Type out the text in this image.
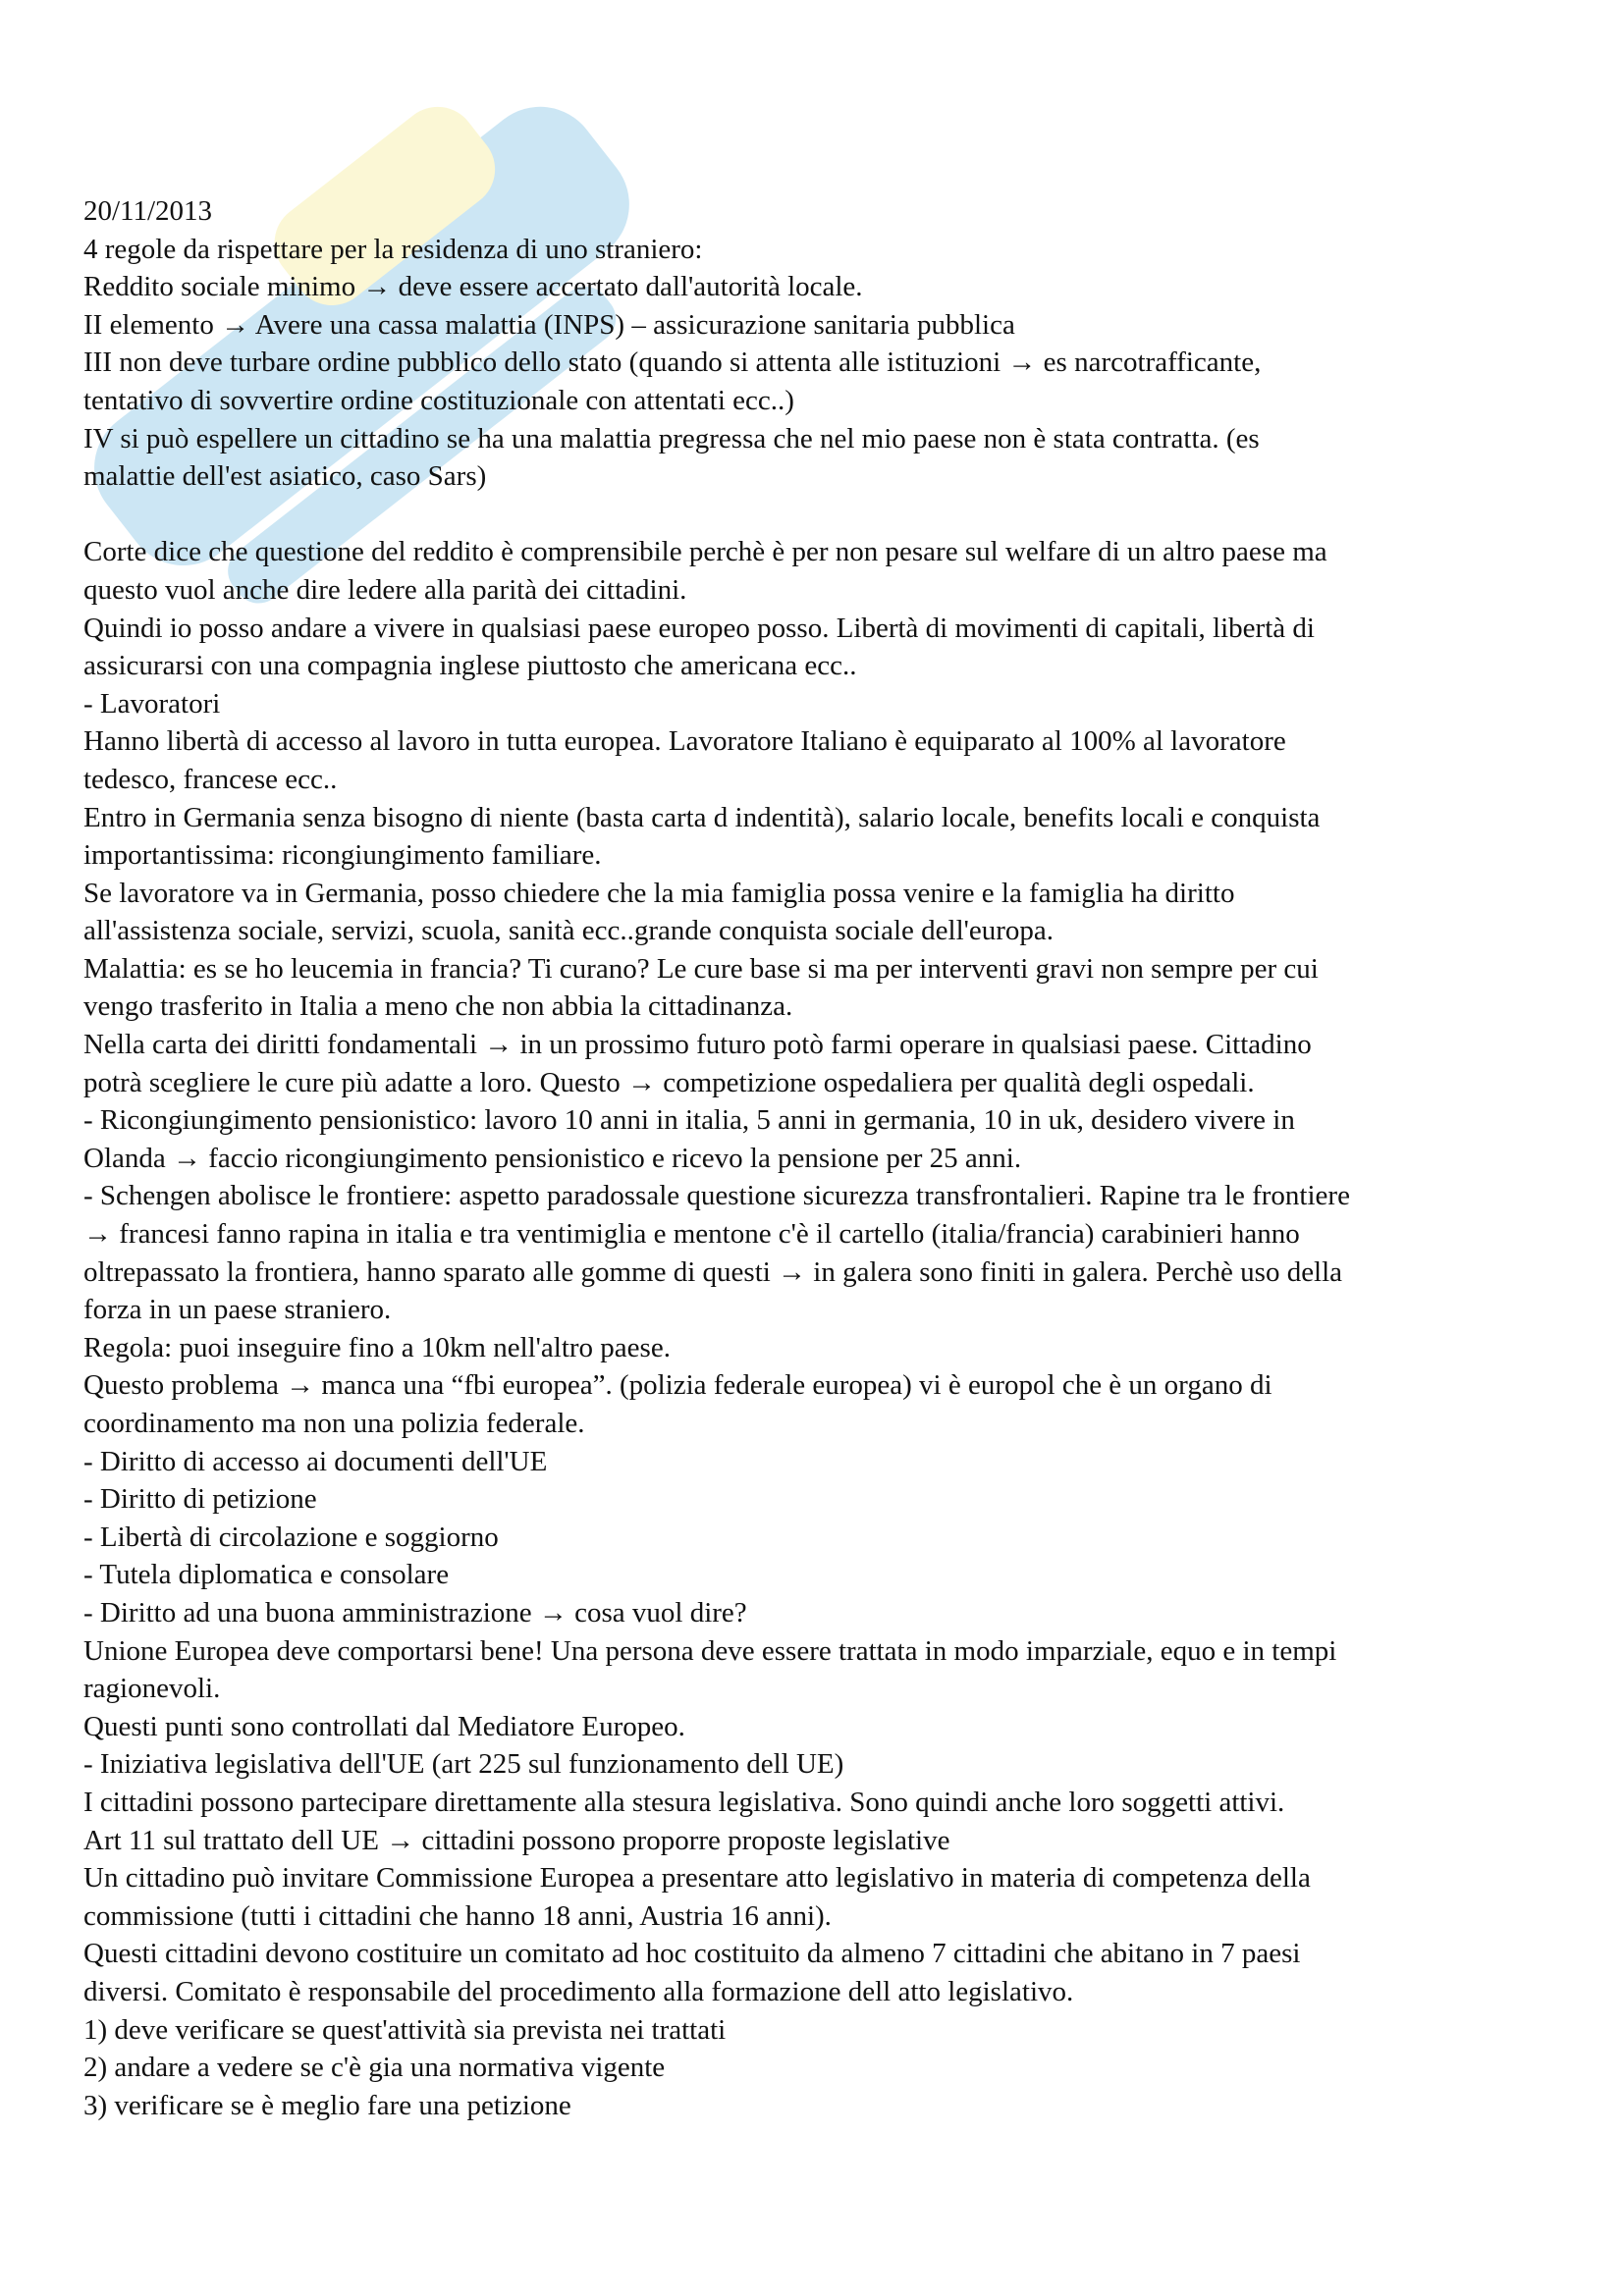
20/11/2013
4 regole da rispettare per la residenza di uno straniero:
Reddito sociale minimo → deve essere accertato dall'autorità locale.
II elemento → Avere una cassa malattia (INPS) – assicurazione sanitaria pubblica
III non deve turbare ordine pubblico dello stato (quando si attenta alle istituzioni → es narcotrafficante,
tentativo di sovvertire ordine costituzionale con attentati ecc..)
IV si può espellere un cittadino se ha una malattia pregressa che nel mio paese non è stata contratta. (es
malattie dell'est asiatico, caso Sars)
Corte dice che questione del reddito è comprensibile perchè è per non pesare sul welfare di un altro paese ma
questo vuol anche dire ledere alla parità dei cittadini.
Quindi io posso andare a vivere in qualsiasi paese europeo posso. Libertà di movimenti di capitali, libertà di
assicurarsi con una compagnia inglese piuttosto che americana ecc..
- Lavoratori
Hanno libertà di accesso al lavoro in tutta europea. Lavoratore Italiano è equiparato al 100% al lavoratore
tedesco, francese ecc..
Entro in Germania senza bisogno di niente (basta carta d indentità), salario locale, benefits locali e conquista
importantissima: ricongiungimento familiare.
Se lavoratore va in Germania, posso chiedere che la mia famiglia possa venire e la famiglia ha diritto
all'assistenza sociale, servizi, scuola, sanità ecc..grande conquista sociale dell'europa.
Malattia: es se ho leucemia in francia? Ti curano? Le cure base si ma per interventi gravi non sempre per cui
vengo trasferito in Italia a meno che non abbia la cittadinanza.
Nella carta dei diritti fondamentali → in un prossimo futuro potò farmi operare in qualsiasi paese. Cittadino
potrà scegliere le cure più adatte a loro. Questo → competizione ospedaliera per qualità degli ospedali.
- Ricongiungimento pensionistico: lavoro 10 anni in italia, 5 anni in germania, 10 in uk, desidero vivere in
Olanda → faccio ricongiungimento pensionistico e ricevo la pensione per 25 anni.
- Schengen abolisce le frontiere: aspetto paradossale questione sicurezza transfrontalieri. Rapine tra le frontiere
→ francesi fanno rapina in italia e tra ventimiglia e mentone c'è il cartello (italia/francia) carabinieri hanno
oltrepassato la frontiera, hanno sparato alle gomme di questi → in galera sono finiti in galera. Perchè uso della
forza in un paese straniero.
Regola: puoi inseguire fino a 10km nell'altro paese.
Questo problema → manca una “fbi europea”. (polizia federale europea) vi è europol che è un organo di
coordinamento ma non una polizia federale.
- Diritto di accesso ai documenti dell'UE
- Diritto di petizione
- Libertà di circolazione e soggiorno
- Tutela diplomatica e consolare
- Diritto ad una buona amministrazione → cosa vuol dire?
Unione Europea deve comportarsi bene! Una persona deve essere trattata in modo imparziale, equo e in tempi
ragionevoli.
Questi punti sono controllati dal Mediatore Europeo.
- Iniziativa legislativa dell'UE (art 225 sul funzionamento dell UE)
I cittadini possono partecipare direttamente alla stesura legislativa. Sono quindi anche loro soggetti attivi.
Art 11 sul trattato dell UE → cittadini possono proporre proposte legislative
Un cittadino può invitare Commissione Europea a presentare atto legislativo in materia di competenza della
commissione (tutti i cittadini che hanno 18 anni, Austria 16 anni).
Questi cittadini devono costituire un comitato ad hoc costituito da almeno 7 cittadini che abitano in 7 paesi
diversi. Comitato è responsabile del procedimento alla formazione dell atto legislativo.
1) deve verificare se quest'attività sia prevista nei trattati
2) andare a vedere se c'è gia una normativa vigente
3) verificare se è meglio fare una petizione
